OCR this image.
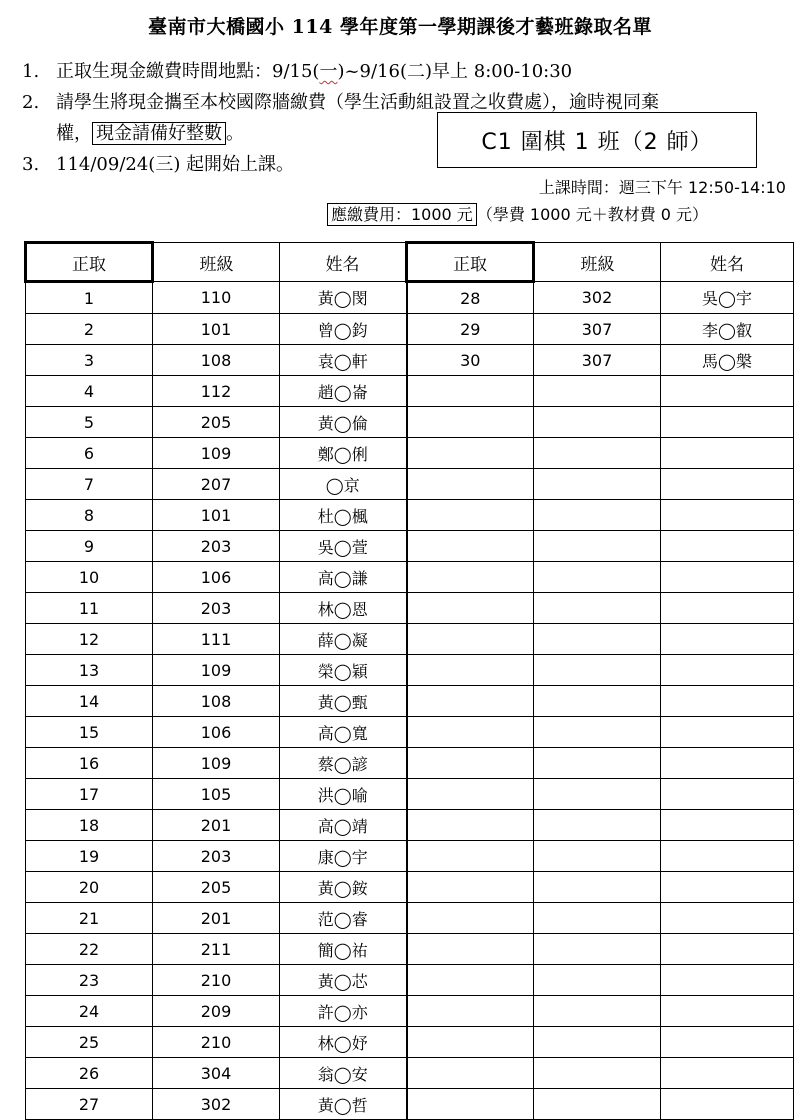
臺南市大橋國小 114 學年度第一學期課後才藝班錄取名單
1. 正取生現金繳費時間地點：9/15(一)~9/16(二)早上 8:00-10:30
2. 請學生將現金攜至本校國際牆繳費（學生活動組設置之收費處），逾時視同棄
權， 現金請備好整數 。
3. 114/09/24(三) 起開始上課。
C1 圍棋 1 班（2 師）
上課時間：週三下午 12:50-14:10
應繳費用：1000 元 （學費 1000 元＋教材費 0 元）
正取	班級	姓名	正取	班級	姓名
1	110	黃◯閔	28	302	吳◯宇
2	101	曾◯鈞	29	307	李◯叡
3	108	袁◯軒	30	307	馬◯槃
4	112	趙◯崙			
5	205	黃◯倫			
6	109	鄭◯俐			
7	207	◯京			
8	101	杜◯楓			
9	203	吳◯萱			
10	106	高◯謙			
11	203	林◯恩			
12	111	薛◯凝			
13	109	榮◯穎			
14	108	黃◯甄			
15	106	高◯寬			
16	109	蔡◯諺			
17	105	洪◯喻			
18	201	高◯靖			
19	203	康◯宇			
20	205	黃◯銨			
21	201	范◯睿			
22	211	簡◯祐			
23	210	黃◯芯			
24	209	許◯亦			
25	210	林◯妤			
26	304	翁◯安			
27	302	黃◯哲			
